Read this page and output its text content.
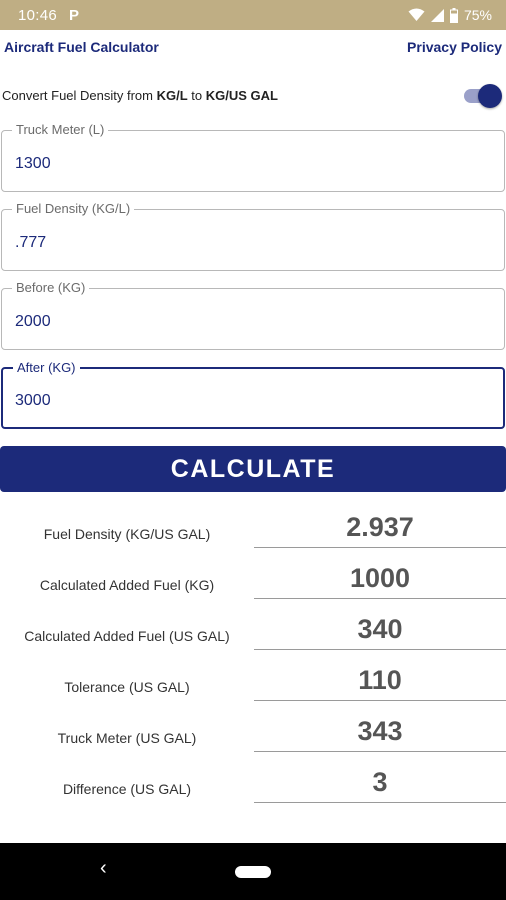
10:46 P	75%
Aircraft Fuel Calculator	Privacy Policy
Convert Fuel Density from KG/L to KG/US GAL
Truck Meter (L)
1300
Fuel Density (KG/L)
.777
Before (KG)
2000
After (KG)
3000
CALCULATE
Fuel Density (KG/US GAL)	2.937
Calculated Added Fuel (KG)	1000
Calculated Added Fuel (US GAL)	340
Tolerance (US GAL)	110
Truck Meter (US GAL)	343
Difference (US GAL)	3
‹
